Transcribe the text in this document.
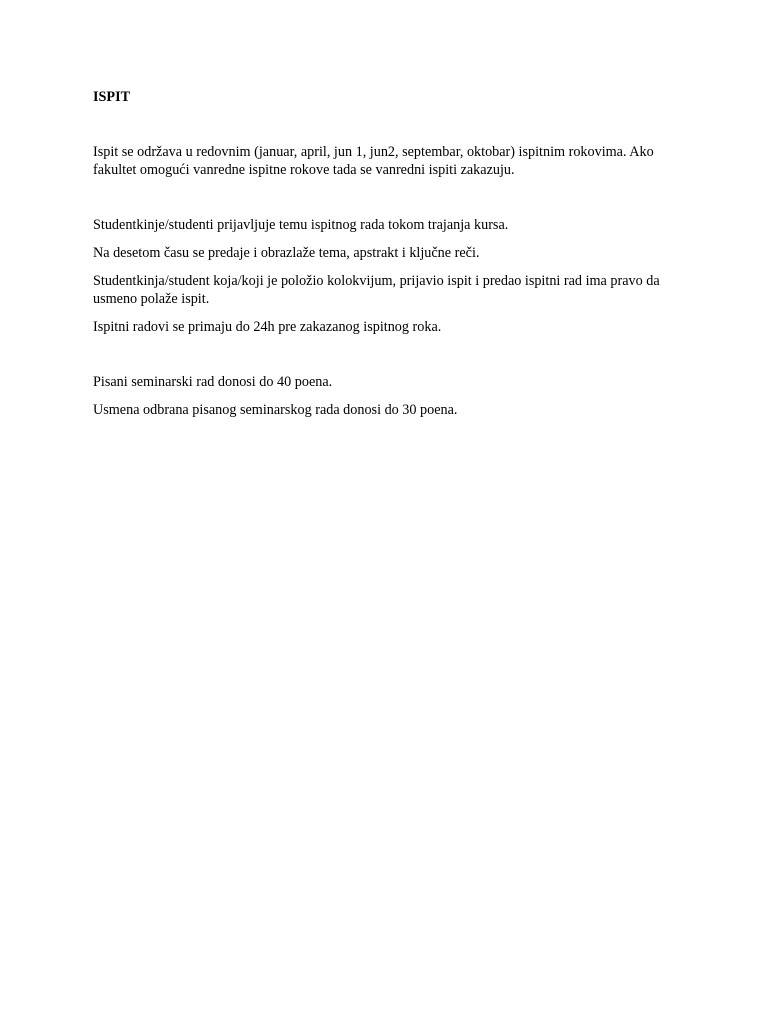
ISPIT

Ispit se održava u redovnim (januar, april, jun 1, jun2, septembar, oktobar) ispitnim rokovima. Ako fakultet omogući vanredne ispitne rokove tada se vanredni ispiti zakazuju.

Studentkinje/studenti prijavljuje temu ispitnog rada tokom trajanja kursa.

Na desetom času se predaje i obrazlaže tema, apstrakt i ključne reči.

Studentkinja/student koja/koji je položio kolokvijum, prijavio ispit i predao ispitni rad ima pravo da usmeno polaže ispit.

Ispitni radovi se primaju do 24h pre zakazanog ispitnog roka.

Pisani seminarski rad donosi do 40 poena.

Usmena odbrana pisanog seminarskog rada donosi do 30 poena.
